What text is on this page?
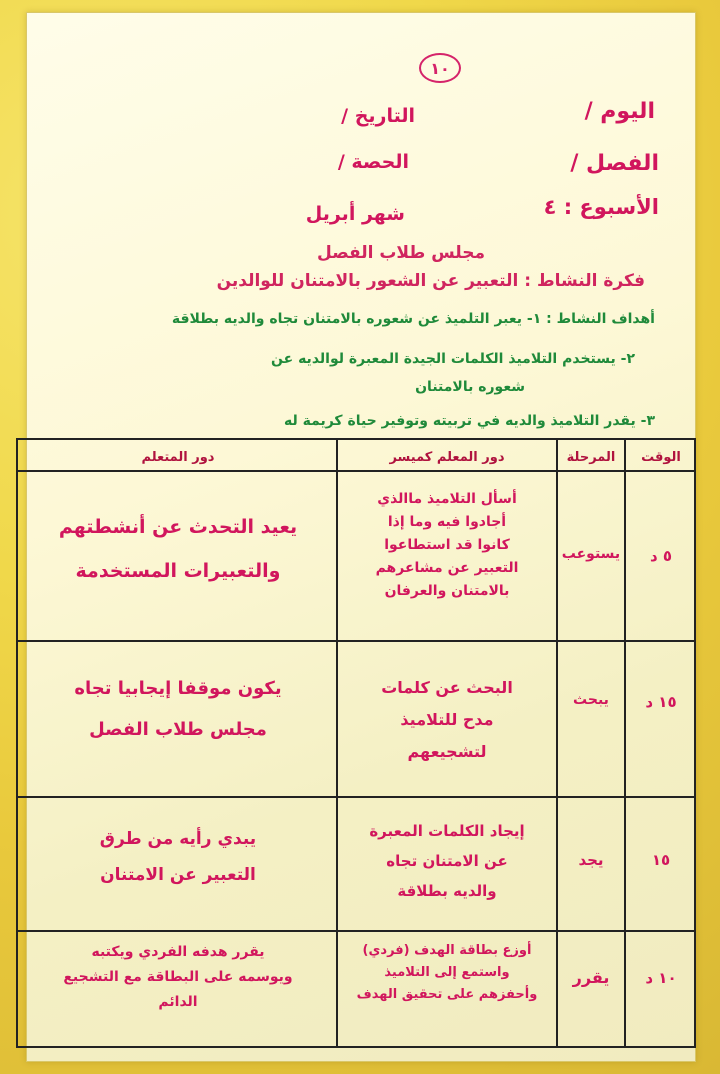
١٠
اليوم /
التاريخ /
الفصل /
الحصة /
الأسبوع : ٤
شهر أبريل
مجلس طلاب الفصل
فكرة النشاط : التعبير عن الشعور بالامتنان للوالدين
أهداف النشاط : ١- يعبر التلميذ عن شعوره بالامتنان تجاه والديه بطلاقة
٢- يستخدم التلاميذ الكلمات الجيدة المعبرة لوالديه عن
شعوره بالامتنان
٣- يقدر التلاميذ والديه في تربيته وتوفير حياة كريمة له
الوقت
المرحلة
دور المعلم كميسر
دور المتعلم
٥ د
يستوعب
أسأل التلاميذ ماالذي
أجادوا فيه وما إذا
كانوا قد استطاعوا
التعبير عن مشاعرهم
بالامتنان والعرفان
يعيد التحدث عن أنشطتهم
والتعبيرات المستخدمة
١٥ د
يبحث
البحث عن كلمات
مدح للتلاميذ
لتشجيعهم
يكون موقفا إيجابيا تجاه
مجلس طلاب الفصل
١٥
يجد
إيجاد الكلمات المعبرة
عن الامتنان تجاه
والديه بطلاقة
يبدي رأيه من طرق
التعبير عن الامتنان
١٠ د
يقرر
أوزع بطاقة الهدف (فردي)
واستمع إلى التلاميذ
وأحفزهم على تحقيق الهدف
يقرر هدفه الفردي ويكتبه
ويوسمه على البطاقة مع التشجيع
الدائم
